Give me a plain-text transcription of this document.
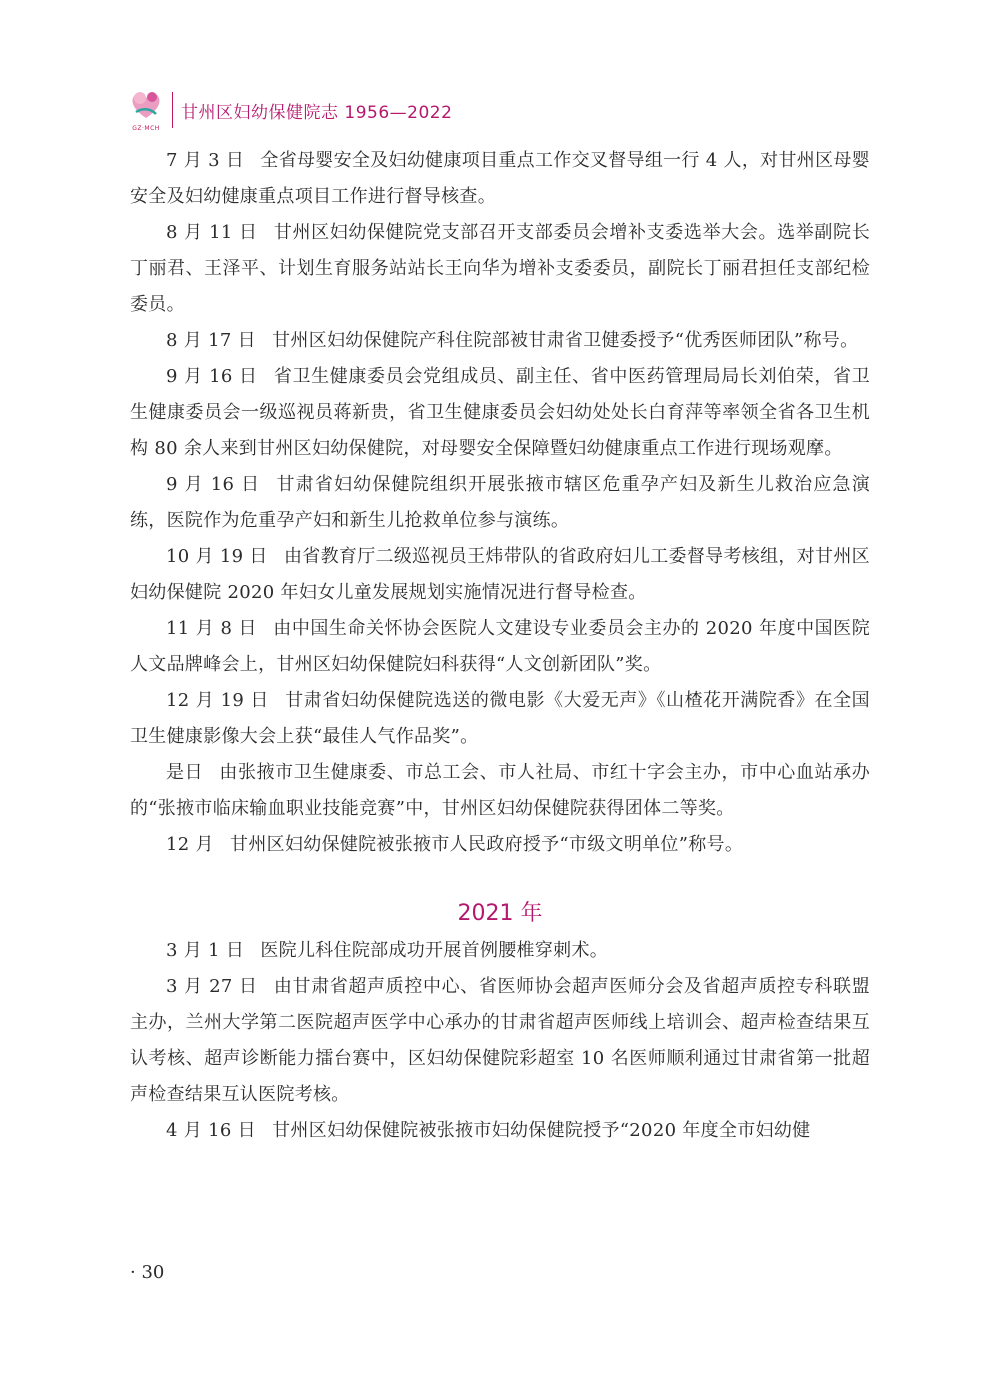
GZ·MCH
甘州区妇幼保健院志 1956—2022

7 月 3 日 全省母婴安全及妇幼健康项目重点工作交叉督导组一行 4 人，对甘州区母婴安全及妇幼健康重点项目工作进行督导核查。

8 月 11 日 甘州区妇幼保健院党支部召开支部委员会增补支委选举大会。选举副院长丁丽君、王泽平、计划生育服务站站长王向华为增补支委委员，副院长丁丽君担任支部纪检委员。

8 月 17 日 甘州区妇幼保健院产科住院部被甘肃省卫健委授予“优秀医师团队”称号。

9 月 16 日 省卫生健康委员会党组成员、副主任、省中医药管理局局长刘伯荣，省卫生健康委员会一级巡视员蒋新贵，省卫生健康委员会妇幼处处长白育萍等率领全省各卫生机构 80 余人来到甘州区妇幼保健院，对母婴安全保障暨妇幼健康重点工作进行现场观摩。

9 月 16 日 甘肃省妇幼保健院组织开展张掖市辖区危重孕产妇及新生儿救治应急演练，医院作为危重孕产妇和新生儿抢救单位参与演练。

10 月 19 日 由省教育厅二级巡视员王炜带队的省政府妇儿工委督导考核组，对甘州区妇幼保健院 2020 年妇女儿童发展规划实施情况进行督导检查。

11 月 8 日 由中国生命关怀协会医院人文建设专业委员会主办的 2020 年度中国医院人文品牌峰会上，甘州区妇幼保健院妇科获得“人文创新团队”奖。

12 月 19 日 甘肃省妇幼保健院选送的微电影《大爱无声》《山楂花开满院香》在全国卫生健康影像大会上获“最佳人气作品奖”。

是日 由张掖市卫生健康委、市总工会、市人社局、市红十字会主办，市中心血站承办的“张掖市临床输血职业技能竞赛”中，甘州区妇幼保健院获得团体二等奖。

12 月 甘州区妇幼保健院被张掖市人民政府授予“市级文明单位”称号。

2021 年

3 月 1 日 医院儿科住院部成功开展首例腰椎穿刺术。

3 月 27 日 由甘肃省超声质控中心、省医师协会超声医师分会及省超声质控专科联盟主办，兰州大学第二医院超声医学中心承办的甘肃省超声医师线上培训会、超声检查结果互认考核、超声诊断能力擂台赛中，区妇幼保健院彩超室 10 名医师顺利通过甘肃省第一批超声检查结果互认医院考核。

4 月 16 日 甘州区妇幼保健院被张掖市妇幼保健院授予“2020 年度全市妇幼健

· 30
